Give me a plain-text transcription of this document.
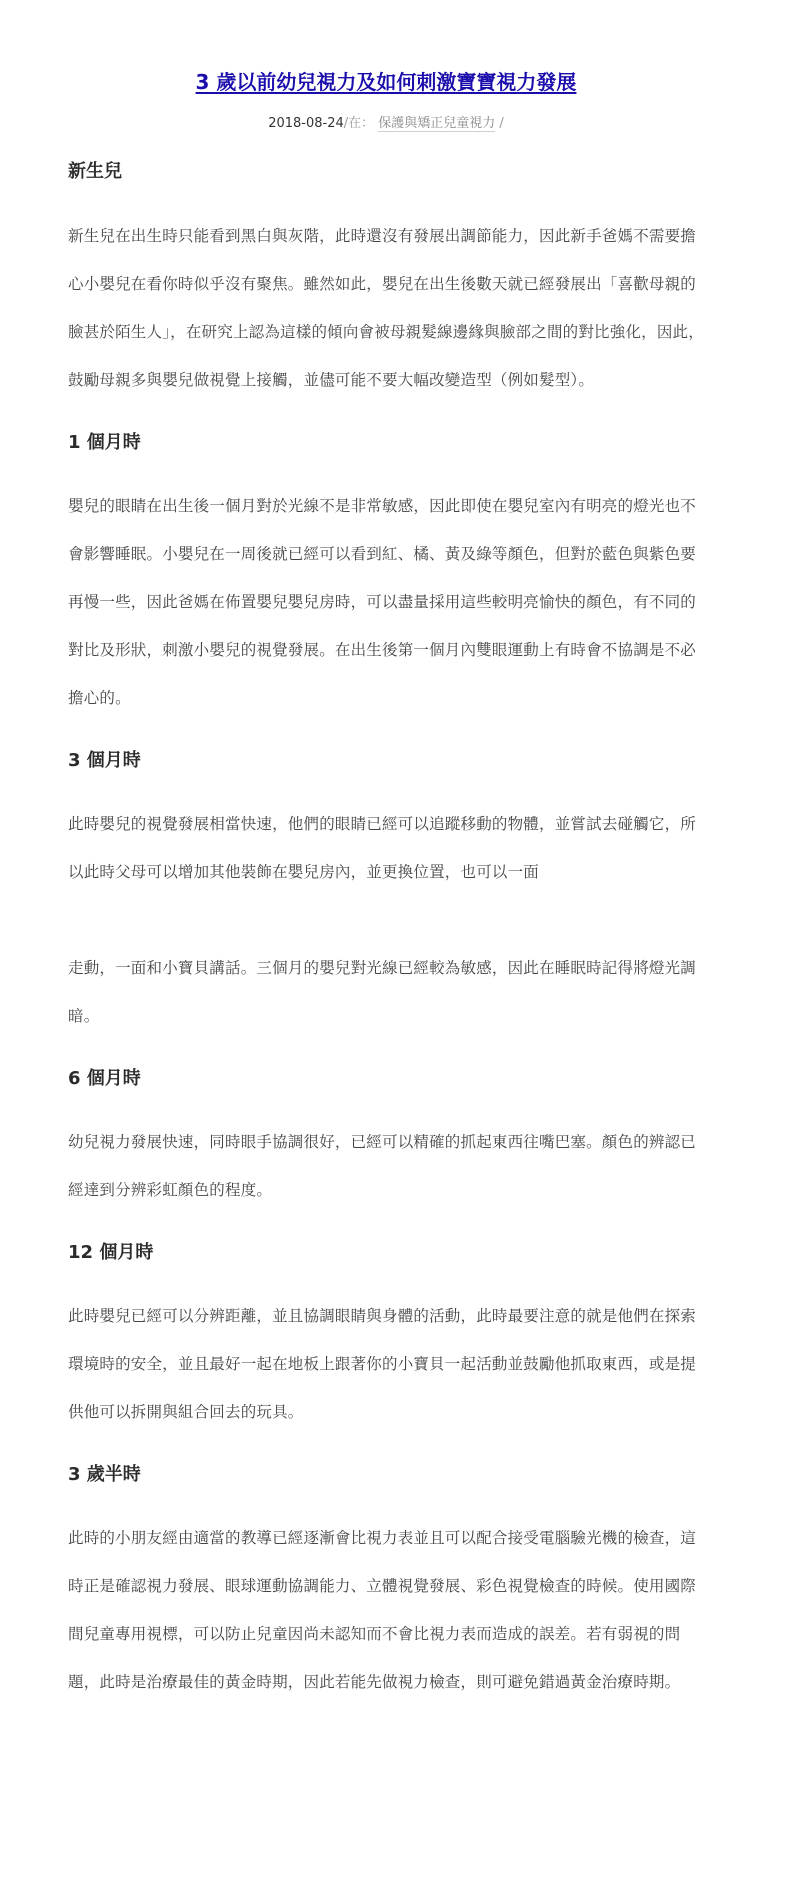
3 歲以前幼兒視力及如何刺激寶寶視力發展
2018-08-24/在： 保護與矯正兒童視力 /
新生兒

新生兒在出生時只能看到黑白與灰階，此時還沒有發展出調節能力，因此新手爸媽不需要擔心小嬰兒在看你時似乎沒有聚焦。雖然如此，嬰兒在出生後數天就已經發展出「喜歡母親的臉甚於陌生人」，在研究上認為這樣的傾向會被母親髮線邊緣與臉部之間的對比強化，因此，鼓勵母親多與嬰兒做視覺上接觸，並儘可能不要大幅改變造型（例如髮型）。

1 個月時

嬰兒的眼睛在出生後一個月對於光線不是非常敏感，因此即使在嬰兒室內有明亮的燈光也不會影響睡眠。小嬰兒在一周後就已經可以看到紅、橘、黃及綠等顏色，但對於藍色與紫色要再慢一些，因此爸媽在佈置嬰兒嬰兒房時，可以盡量採用這些較明亮愉快的顏色，有不同的對比及形狀，刺激小嬰兒的視覺發展。在出生後第一個月內雙眼運動上有時會不協調是不必擔心的。

3 個月時

此時嬰兒的視覺發展相當快速，他們的眼睛已經可以追蹤移動的物體，並嘗試去碰觸它，所以此時父母可以增加其他裝飾在嬰兒房內，並更換位置，也可以一面

走動，一面和小寶貝講話。三個月的嬰兒對光線已經較為敏感，因此在睡眠時記得將燈光調暗。

6 個月時

幼兒視力發展快速，同時眼手協調很好，已經可以精確的抓起東西往嘴巴塞。顏色的辨認已經達到分辨彩虹顏色的程度。

12 個月時

此時嬰兒已經可以分辨距離，並且協調眼睛與身體的活動，此時最要注意的就是他們在探索環境時的安全，並且最好一起在地板上跟著你的小寶貝一起活動並鼓勵他抓取東西，或是提供他可以拆開與組合回去的玩具。

3 歲半時

此時的小朋友經由適當的教導已經逐漸會比視力表並且可以配合接受電腦驗光機的檢查，這時正是確認視力發展、眼球運動協調能力、立體視覺發展、彩色視覺檢查的時候。使用國際間兒童專用視標，可以防止兒童因尚未認知而不會比視力表而造成的誤差。若有弱視的問題，此時是治療最佳的黃金時期，因此若能先做視力檢查，則可避免錯過黃金治療時期。
